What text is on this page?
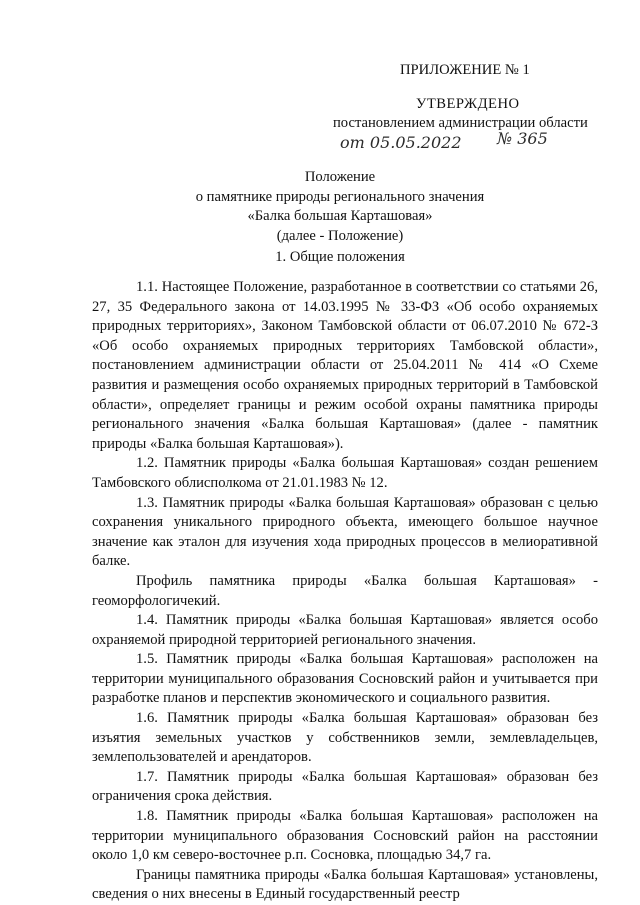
ПРИЛОЖЕНИЕ № 1
УТВЕРЖДЕНО
постановлением администрации области
от 05.05.2022 № 365
Положение
о памятнике природы регионального значения
«Балка большая Карташовая»
(далее - Положение)
1. Общие положения

1.1. Настоящее Положение, разработанное в соответствии со статьями 26, 27, 35 Федерального закона от 14.03.1995 № 33-ФЗ «Об особо охраняемых природных территориях», Законом Тамбовской области от 06.07.2010 № 672-З «Об особо охраняемых природных территориях Тамбовской области», постановлением администрации области от 25.04.2011 № 414 «О Схеме развития и размещения особо охраняемых природных территорий в Тамбовской области», определяет границы и режим особой охраны памятника природы регионального значения «Балка большая Карташовая» (далее - памятник природы «Балка большая Карташовая»).

1.2. Памятник природы «Балка большая Карташовая» создан решением Тамбовского облисполкома от 21.01.1983 № 12.

1.3. Памятник природы «Балка большая Карташовая» образован с целью сохранения уникального природного объекта, имеющего большое научное значение как эталон для изучения хода природных процессов в мелиоративной балке.

Профиль памятника природы «Балка большая Карташовая» - геоморфологичекий.

1.4. Памятник природы «Балка большая Карташовая» является особо охраняемой природной территорией регионального значения.

1.5. Памятник природы «Балка большая Карташовая» расположен на территории муниципального образования Сосновский район и учитывается при разработке планов и перспектив экономического и социального развития.

1.6. Памятник природы «Балка большая Карташовая» образован без изъятия земельных участков у собственников земли, землевладельцев, землепользователей и арендаторов.

1.7. Памятник природы «Балка большая Карташовая» образован без ограничения срока действия.

1.8. Памятник природы «Балка большая Карташовая» расположен на территории муниципального образования Сосновский район на расстоянии около 1,0 км северо-восточнее р.п. Сосновка, площадью 34,7 га.

Границы памятника природы «Балка большая Карташовая» установлены, сведения о них внесены в Единый государственный реестр
